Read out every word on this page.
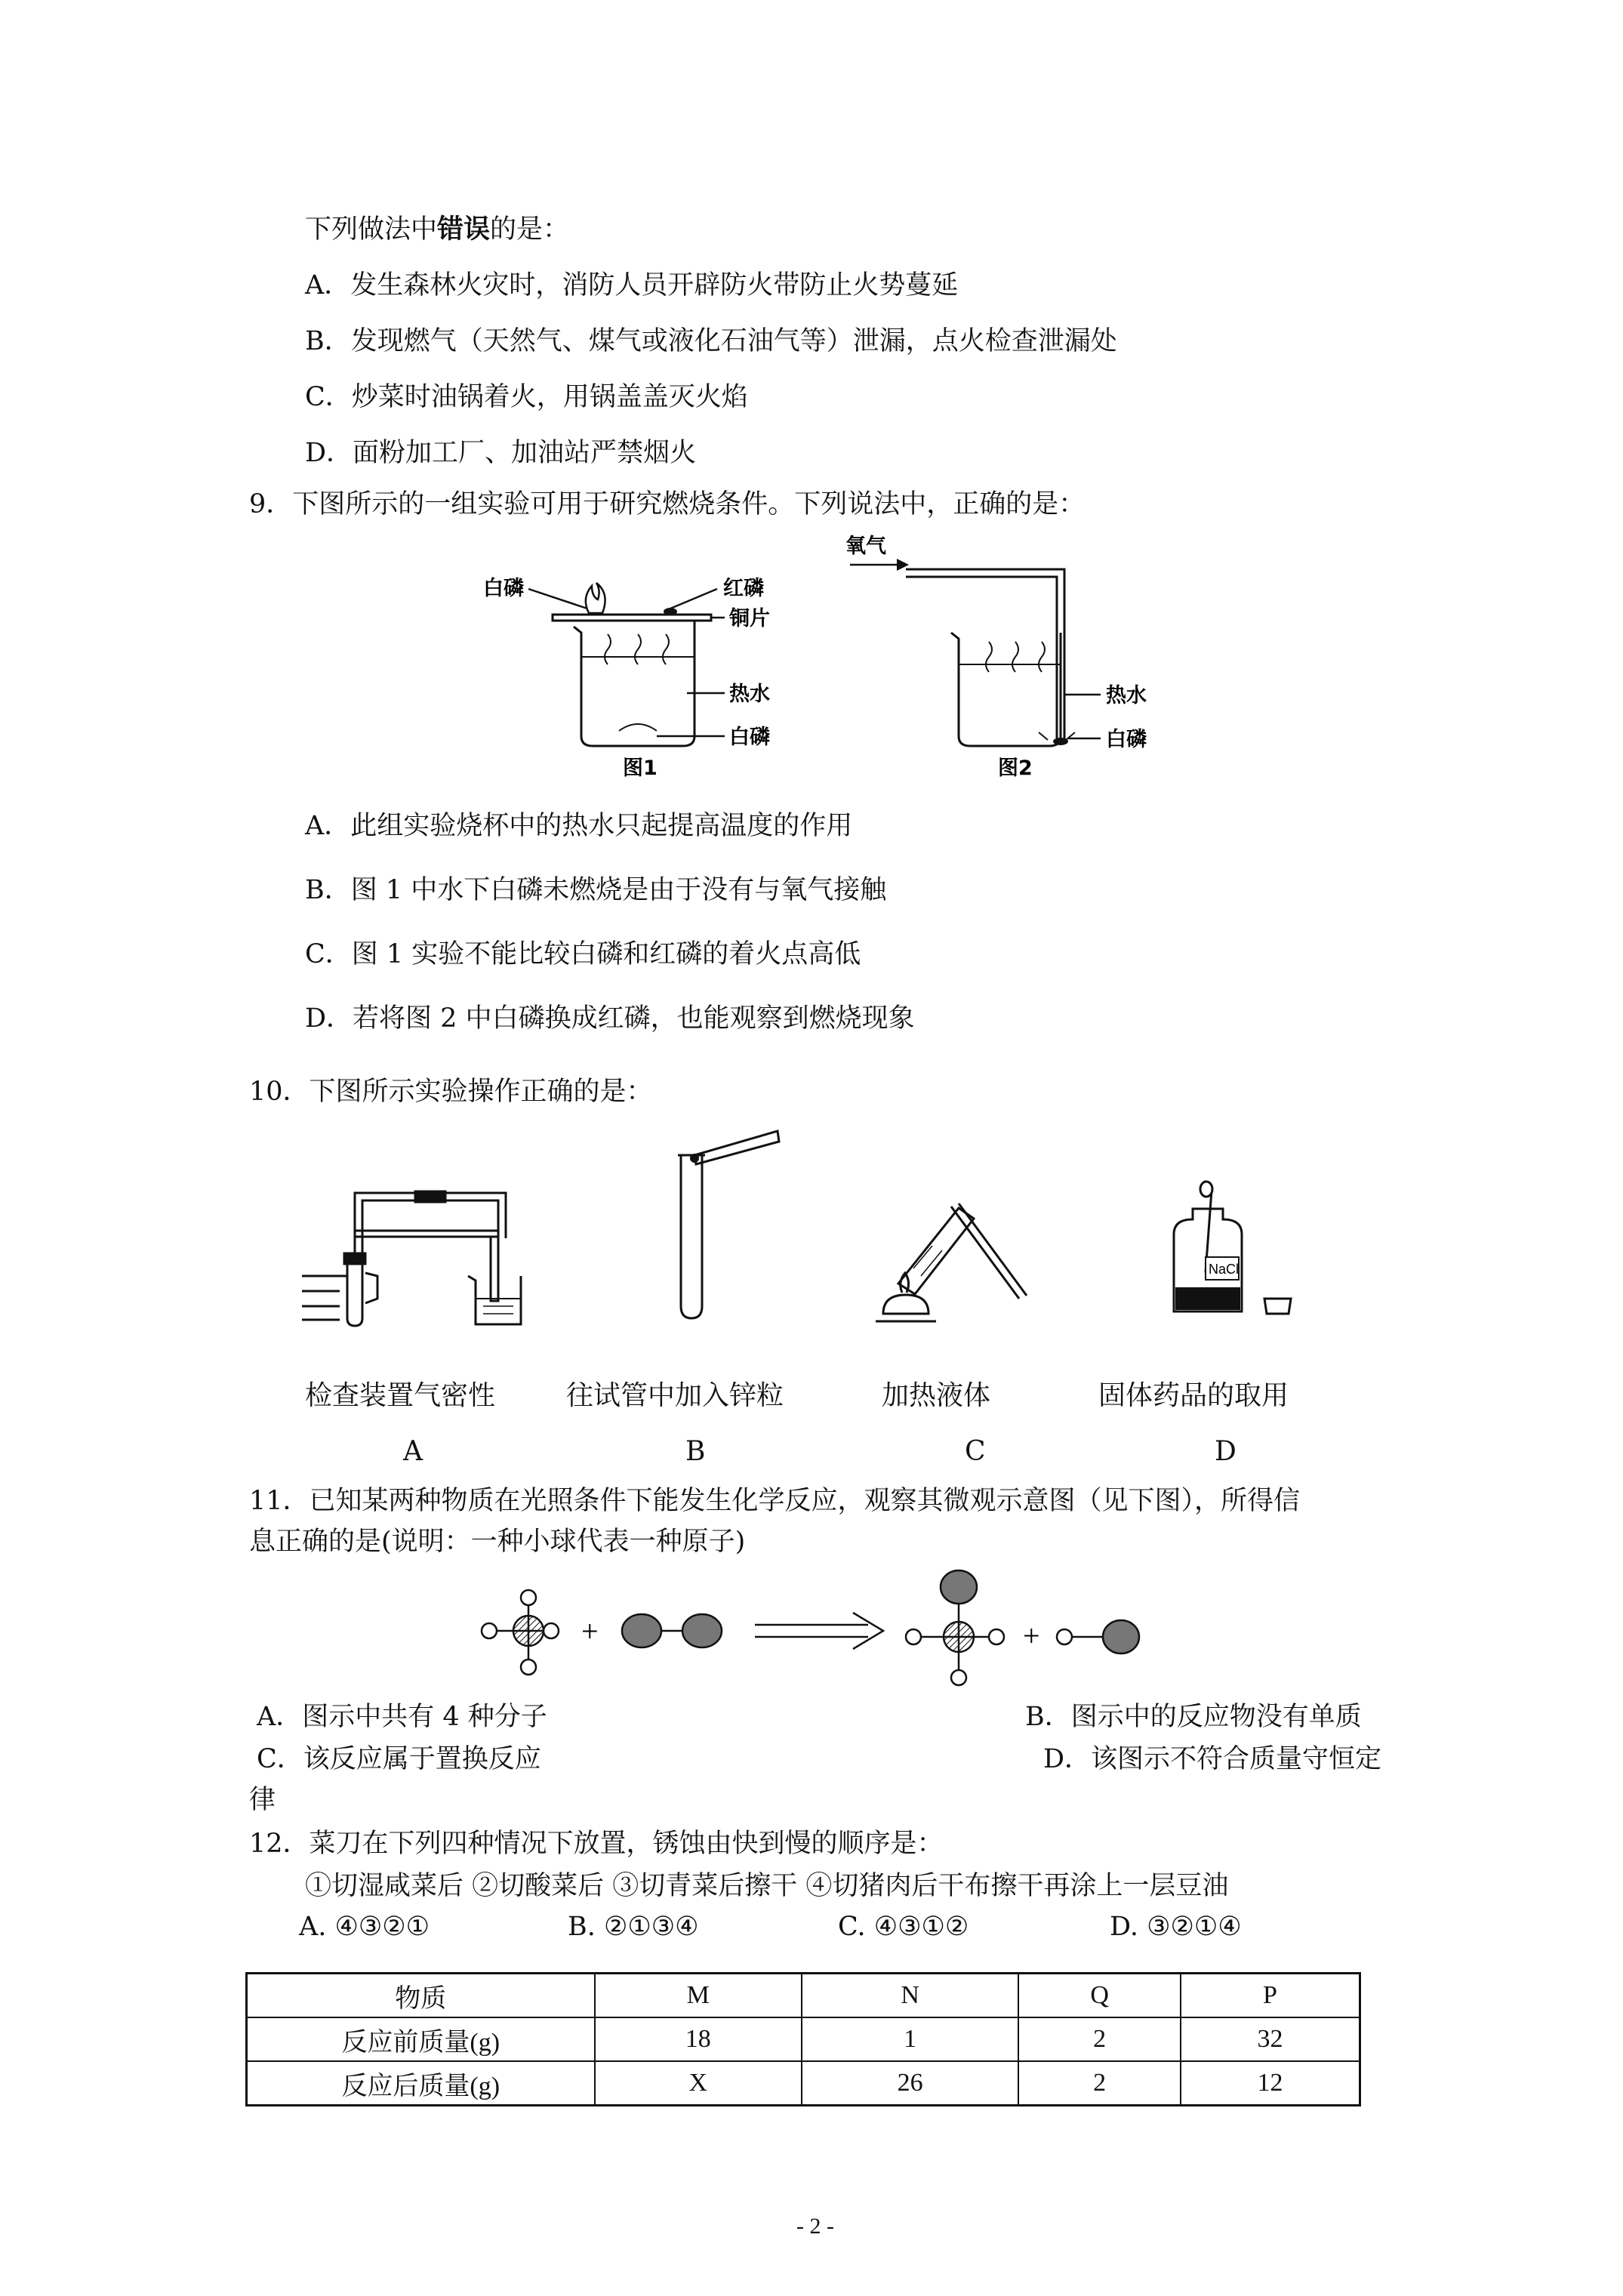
下列做法中错误的是：
A．发生森林火灾时，消防人员开辟防火带防止火势蔓延
B．发现燃气（天然气、煤气或液化石油气等）泄漏，点火检查泄漏处
C．炒菜时油锅着火，用锅盖盖灭火焰
D．面粉加工厂、加油站严禁烟火
9．下图所示的一组实验可用于研究燃烧条件。下列说法中，正确的是：
白磷	红磷
铜片
热水
白磷
图1
氧气
热水
白磷
图2
A．此组实验烧杯中的热水只起提高温度的作用
B．图 1 中水下白磷未燃烧是由于没有与氧气接触
C．图 1 实验不能比较白磷和红磷的着火点高低
D．若将图 2 中白磷换成红磷，也能观察到燃烧现象
10．下图所示实验操作正确的是：
NaCl
检查装置气密性	往试管中加入锌粒	加热液体	固体药品的取用
A	B	C	D
11．已知某两种物质在光照条件下能发生化学反应，观察其微观示意图（见下图），所得信
息正确的是(说明：一种小球代表一种原子)
+	+
A．图示中共有 4 种分子	B．图示中的反应物没有单质
C．该反应属于置换反应	D．该图示不符合质量守恒定
律
12．菜刀在下列四种情况下放置，锈蚀由快到慢的顺序是：
①切湿咸菜后 ②切酸菜后 ③切青菜后擦干 ④切猪肉后干布擦干再涂上一层豆油
A. ④③②①	B. ②①③④	C. ④③①②	D. ③②①④
物质	M	N	Q	P
反应前质量(g)	18	1	2	32
反应后质量(g)	X	26	2	12
- 2 -
